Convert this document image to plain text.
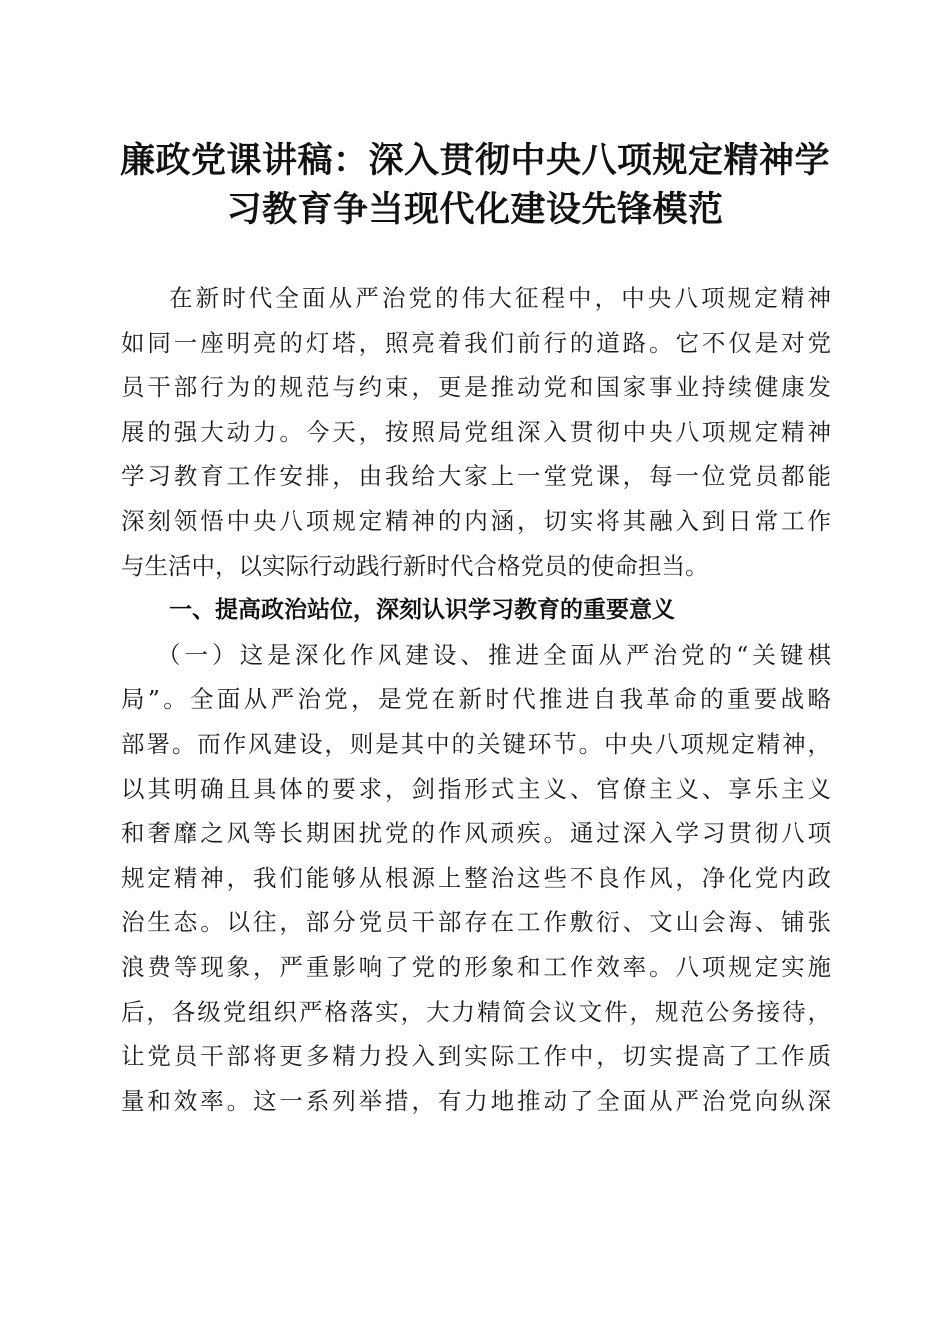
廉政党课讲稿：深入贯彻中央八项规定精神学
习教育争当现代化建设先锋模范
在新时代全面从严治党的伟大征程中，中央八项规定精神
如同一座明亮的灯塔，照亮着我们前行的道路。它不仅是对党
员干部行为的规范与约束，更是推动党和国家事业持续健康发
展的强大动力。今天，按照局党组深入贯彻中央八项规定精神
学习教育工作安排，由我给大家上一堂党课，每一位党员都能
深刻领悟中央八项规定精神的内涵，切实将其融入到日常工作
与生活中，以实际行动践行新时代合格党员的使命担当。
一、提高政治站位，深刻认识学习教育的重要意义
（一）这是深化作风建设、推进全面从严治党的“关键棋
局”。全面从严治党，是党在新时代推进自我革命的重要战略
部署。而作风建设，则是其中的关键环节。中央八项规定精神，
以其明确且具体的要求，剑指形式主义、官僚主义、享乐主义
和奢靡之风等长期困扰党的作风顽疾。通过深入学习贯彻八项
规定精神，我们能够从根源上整治这些不良作风，净化党内政
治生态。以往，部分党员干部存在工作敷衍、文山会海、铺张
浪费等现象，严重影响了党的形象和工作效率。八项规定实施
后，各级党组织严格落实，大力精简会议文件，规范公务接待，
让党员干部将更多精力投入到实际工作中，切实提高了工作质
量和效率。这一系列举措，有力地推动了全面从严治党向纵深
